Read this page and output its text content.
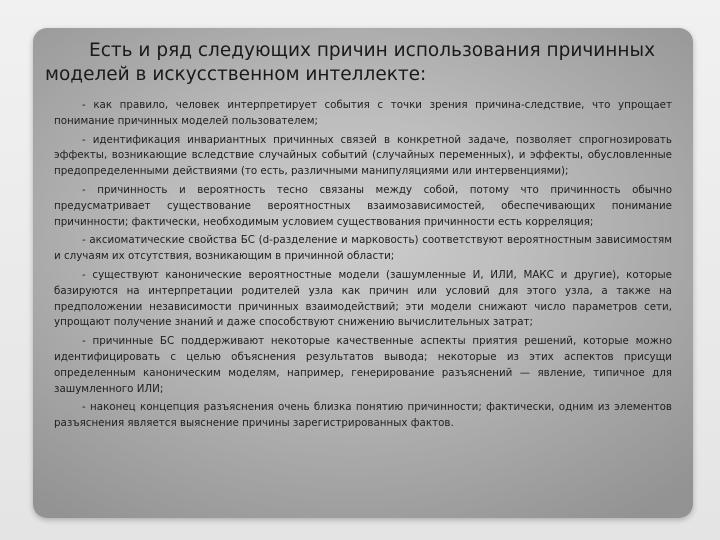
Есть и ряд следующих причин использования причинных моделей в искусственном интеллекте:
- как правило, человек интерпретирует события с точки зрения причина-следствие, что упрощает понимание причинных моделей пользователем;
- идентификация инвариантных причинных связей в конкретной задаче, позволяет спрогнозировать эффекты, возникающие вследствие случайных событий (случайных переменных), и эффекты, обусловленные предопределенными действиями (то есть, различными манипуляциями или интервенциями);
- причинность и вероятность тесно связаны между собой, потому что причинность обычно предусматривает существование вероятностных взаимозависимостей, обеспечивающих понимание причинности; фактически, необходимым условием существования причинности есть корреляция;
- аксиоматические свойства БС (d-разделение и марковость) соответствуют вероятностным зависимостям и случаям их отсутствия, возникающим в причинной области;
- существуют канонические вероятностные модели (зашумленные И, ИЛИ, МАКС и другие), которые базируются на интерпретации родителей узла как причин или условий для этого узла, а также на предположении независимости причинных взаимодействий; эти модели снижают число параметров сети, упрощают получение знаний и даже способствуют снижению вычислительных затрат;
- причинные БС поддерживают некоторые качественные аспекты приятия решений, которые можно идентифицировать с целью объяснения результатов вывода; некоторые из этих аспектов присущи определенным каноническим моделям, например, генерирование разъяснений — явление, типичное для зашумленного ИЛИ;
- наконец концепция разъяснения очень близка понятию причинности; фактически, одним из элементов разъяснения является выяснение причины зарегистрированных фактов.
